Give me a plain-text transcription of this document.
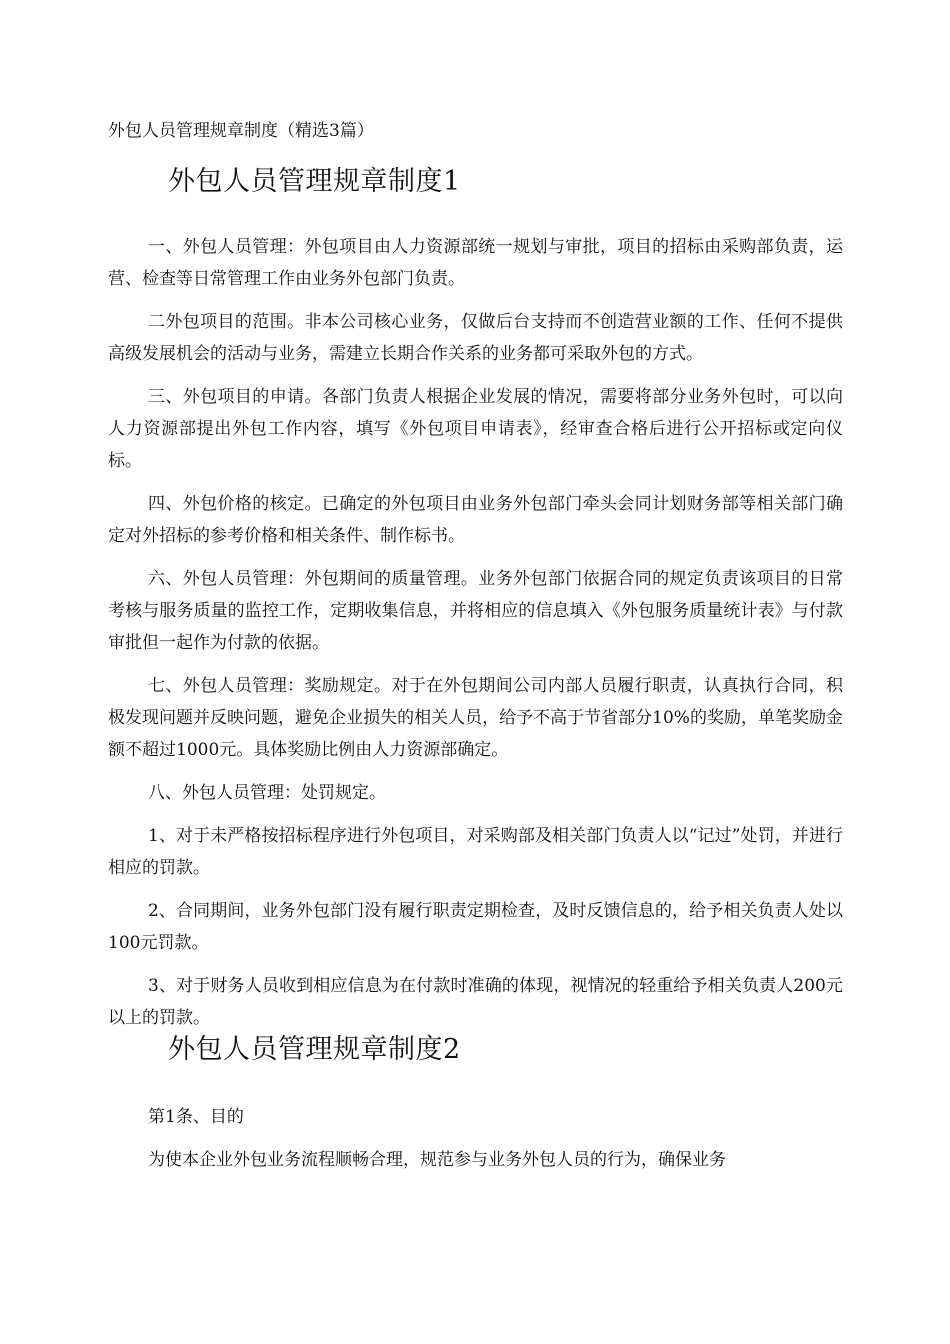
外包人员管理规章制度（精选3篇）
外包人员管理规章制度1

一、外包人员管理：外包项目由人力资源部统一规划与审批，项目的招标由采购部负责，运营、检查等日常管理工作由业务外包部门负责。

二外包项目的范围。非本公司核心业务，仅做后台支持而不创造营业额的工作、任何不提供高级发展机会的活动与业务，需建立长期合作关系的业务都可采取外包的方式。

三、外包项目的申请。各部门负责人根据企业发展的情况，需要将部分业务外包时，可以向人力资源部提出外包工作内容，填写《外包项目申请表》，经审查合格后进行公开招标或定向仪标。

四、外包价格的核定。已确定的外包项目由业务外包部门牵头会同计划财务部等相关部门确定对外招标的参考价格和相关条件、制作标书。

六、外包人员管理：外包期间的质量管理。业务外包部门依据合同的规定负责该项目的日常考核与服务质量的监控工作，定期收集信息，并将相应的信息填入《外包服务质量统计表》与付款审批但一起作为付款的依据。

七、外包人员管理：奖励规定。对于在外包期间公司内部人员履行职责，认真执行合同，积极发现问题并反映问题，避免企业损失的相关人员，给予不高于节省部分10%的奖励，单笔奖励金额不超过1000元。具体奖励比例由人力资源部确定。

八、外包人员管理：处罚规定。

1、对于未严格按招标程序进行外包项目，对采购部及相关部门负责人以“记过”处罚，并进行相应的罚款。

2、合同期间，业务外包部门没有履行职责定期检查，及时反馈信息的，给予相关负责人处以100元罚款。

3、对于财务人员收到相应信息为在付款时准确的体现，视情况的轻重给予相关负责人200元以上的罚款。

外包人员管理规章制度2

第1条、目的

为使本企业外包业务流程顺畅合理，规范参与业务外包人员的行为，确保业务
